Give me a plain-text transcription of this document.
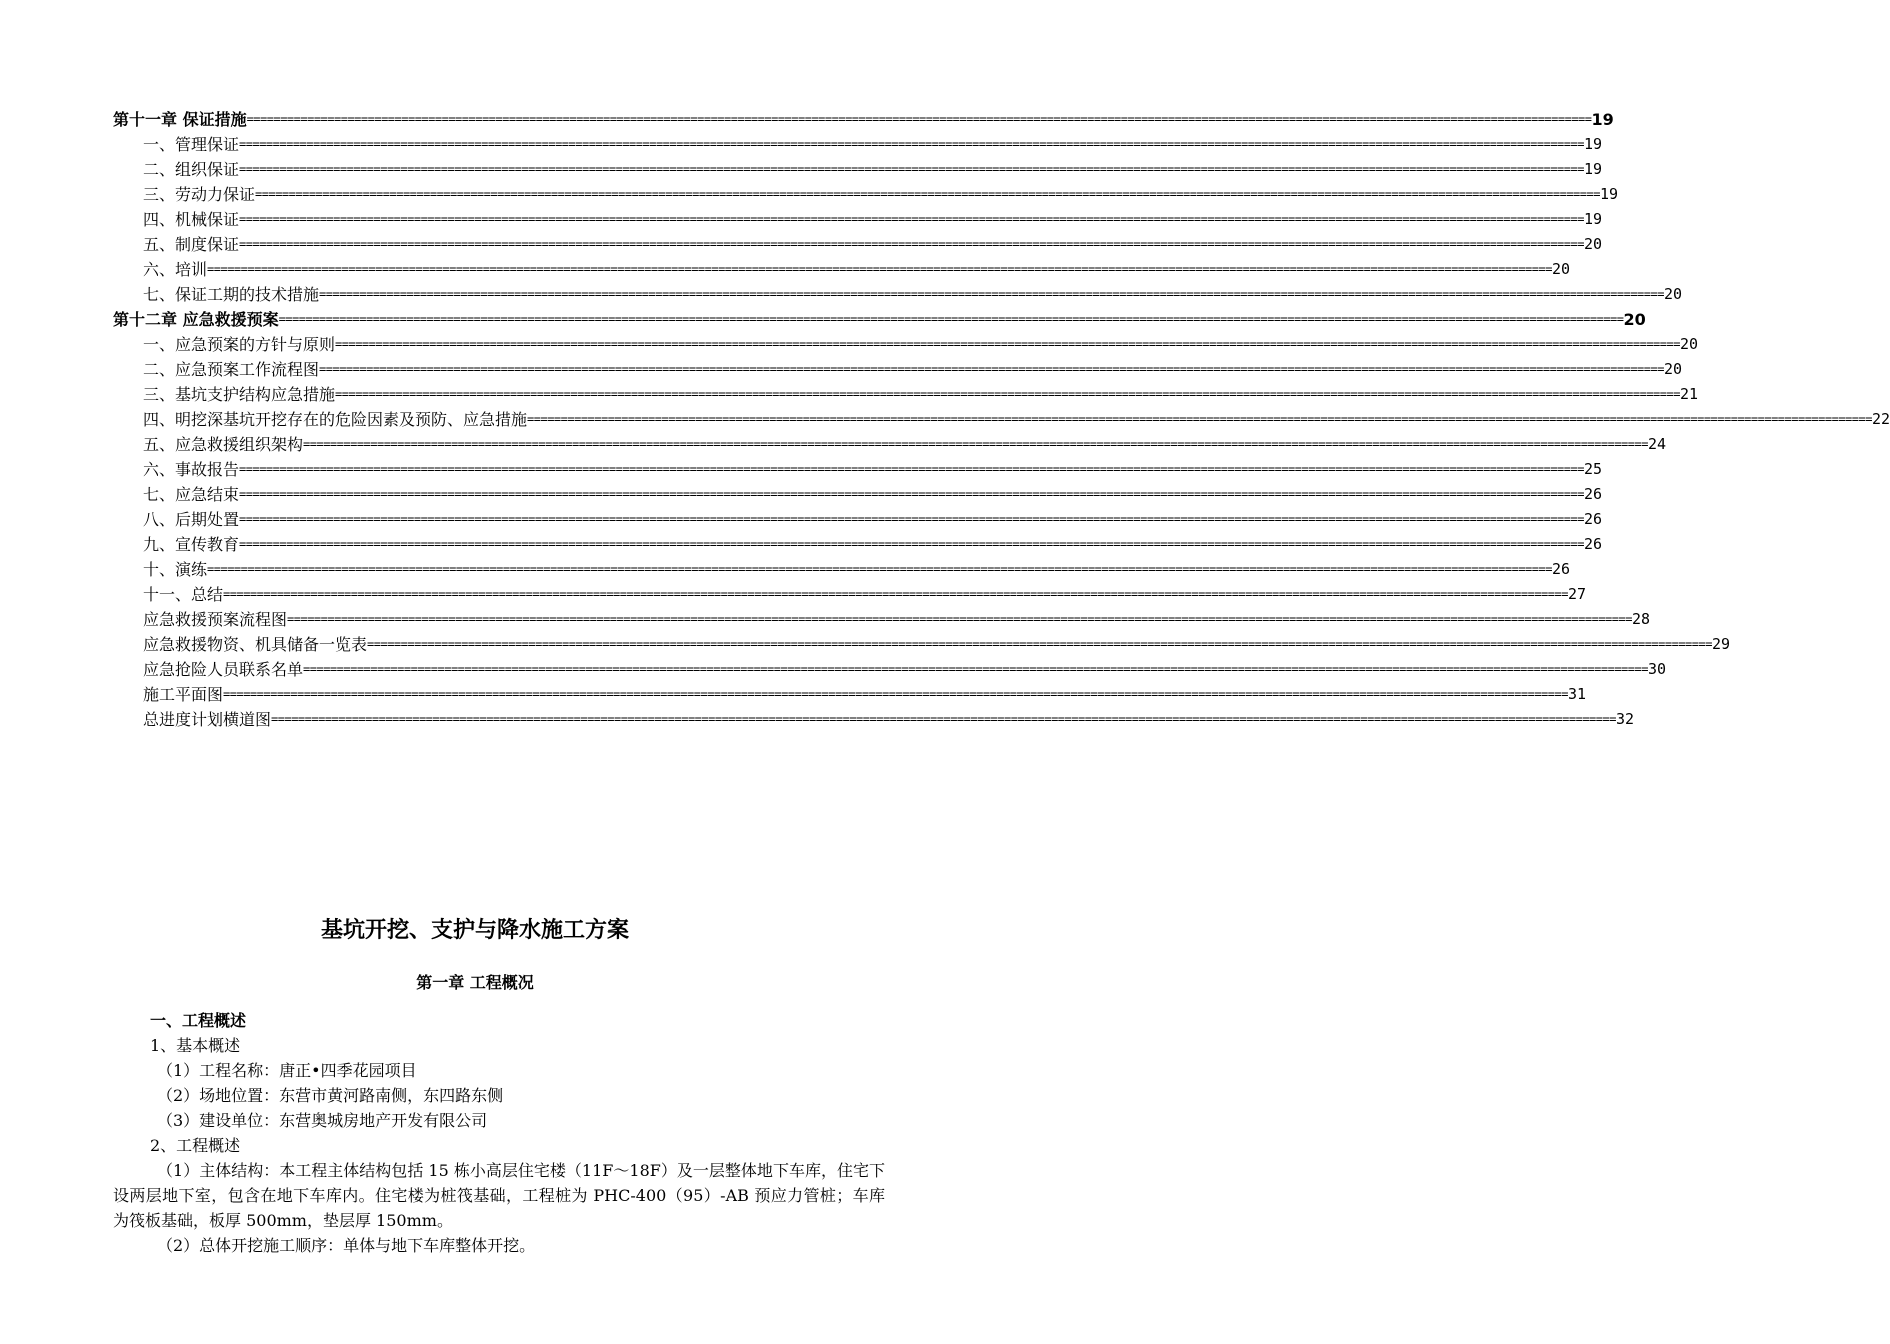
第十一章 保证措施 ======================================================================================================================================================================================================== 19
一、管理保证 ======================================================================================================================================================================================================== 19
二、组织保证 ======================================================================================================================================================================================================== 19
三、劳动力保证 ======================================================================================================================================================================================================== 19
四、机械保证 ======================================================================================================================================================================================================== 19
五、制度保证 ======================================================================================================================================================================================================== 20
六、培训 ======================================================================================================================================================================================================== 20
七、保证工期的技术措施 ======================================================================================================================================================================================================== 20
第十二章 应急救援预案 ======================================================================================================================================================================================================== 20
一、应急预案的方针与原则 ======================================================================================================================================================================================================== 20
二、应急预案工作流程图 ======================================================================================================================================================================================================== 20
三、基坑支护结构应急措施 ======================================================================================================================================================================================================== 21
四、明挖深基坑开挖存在的危险因素及预防、应急措施 ======================================================================================================================================================================================================== 22
五、应急救援组织架构 ======================================================================================================================================================================================================== 24
六、事故报告 ======================================================================================================================================================================================================== 25
七、应急结束 ======================================================================================================================================================================================================== 26
八、后期处置 ======================================================================================================================================================================================================== 26
九、宣传教育 ======================================================================================================================================================================================================== 26
十、演练 ======================================================================================================================================================================================================== 26
十一、总结 ======================================================================================================================================================================================================== 27
应急救援预案流程图 ======================================================================================================================================================================================================== 28
应急救援物资、机具储备一览表 ======================================================================================================================================================================================================== 29
应急抢险人员联系名单 ======================================================================================================================================================================================================== 30
施工平面图 ======================================================================================================================================================================================================== 31
总进度计划横道图 ======================================================================================================================================================================================================== 32
基坑开挖、支护与降水施工方案
第一章 工程概况

一、工程概述

1、基本概述

（1）工程名称：唐正•四季花园项目

（2）场地位置：东营市黄河路南侧，东四路东侧

（3）建设单位：东营奥城房地产开发有限公司

2、工程概述

（1）主体结构：本工程主体结构包括 15 栋小高层住宅楼（11F～18F）及一层整体地下车库，住宅下设两层地下室，包含在地下车库内。住宅楼为桩筏基础，工程桩为 PHC-400（95）-AB 预应力管桩；车库为筏板基础，板厚 500mm，垫层厚 150mm。

（2）总体开挖施工顺序：单体与地下车库整体开挖。
